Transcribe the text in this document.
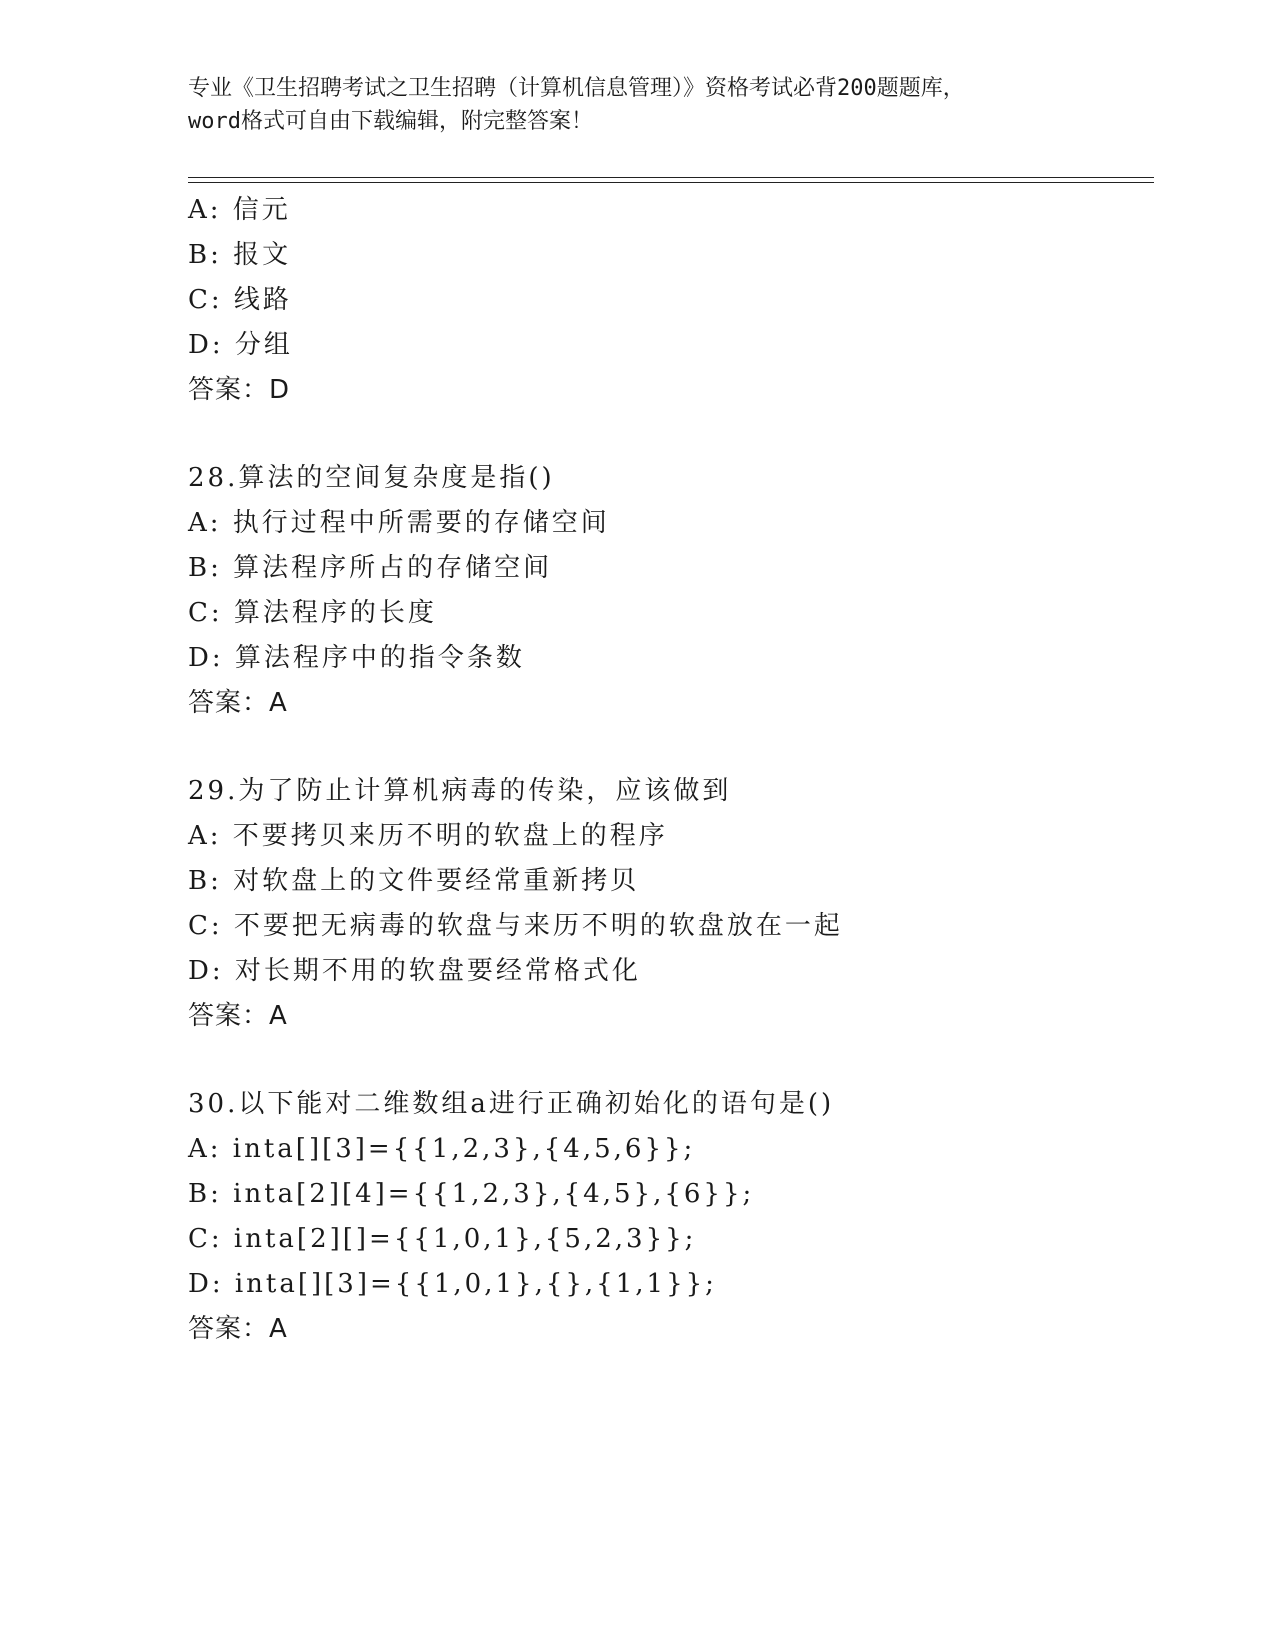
专业《卫生招聘考试之卫生招聘（计算机信息管理）》资格考试必背200题题库，
word格式可自由下载编辑，附完整答案！
A: 信元
B: 报文
C: 线路
D: 分组
答案：D
28.算法的空间复杂度是指()
A: 执行过程中所需要的存储空间
B: 算法程序所占的存储空间
C: 算法程序的长度
D: 算法程序中的指令条数
答案：A
29.为了防止计算机病毒的传染，应该做到
A: 不要拷贝来历不明的软盘上的程序
B: 对软盘上的文件要经常重新拷贝
C: 不要把无病毒的软盘与来历不明的软盘放在一起
D: 对长期不用的软盘要经常格式化
答案：A
30.以下能对二维数组a进行正确初始化的语句是()
A: inta[][3]={{1,2,3},{4,5,6}};
B: inta[2][4]={{1,2,3},{4,5},{6}};
C: inta[2][]={{1,0,1},{5,2,3}};
D: inta[][3]={{1,0,1},{},{1,1}};
答案：A
